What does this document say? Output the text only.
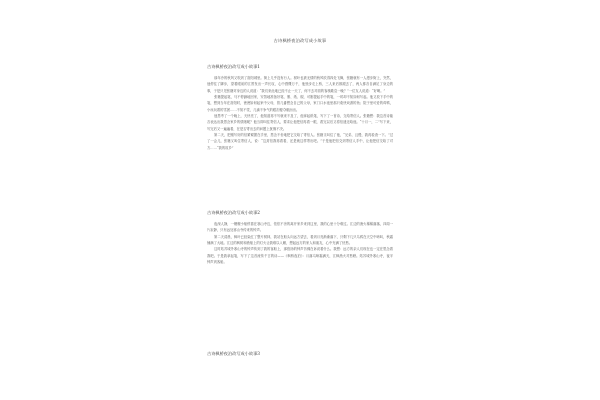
古诗枫桥夜泊改写成小故事
古诗枫桥夜泊改写成小故事1

那年冷的秋风又吹到了洛阳城里。街上几乎没有行人。树叶也被无情的秋风吹得四处飞舞，张籍就有一人漫步街上，突然，他停住了脚步，望着眼前的江景发出一声长叹，心中感慨万千，他独步走上桥，三人来后都跟去了，两人都各自满足了身边的事，于是只见张籍对身边的人说道：“我们来此地已经不止一天了，何不去对面的客栈歇息一晚？”一位友人说道：“好啊。”

张籍提起笔，马不停蹄地回家，安智地准备好笔、墨、纸、砚，可刚提起手中的笔，一时却不知如何写起。他又放下手中的笔，想到当年在洛阳时，爸爸如何起家中父母，曾几番想念自己的父母，家门口水池里那只欢快戏游的鱼；院子里可爱的鸡鸭，小孩玩着的雪团……不知不觉，几滴不争气的眼泪便夺眶而出。

他思考了一个晚上，天快亮了，他知道再不写就来不及了，他拿起纸笔，写下了一首诗，交给寄信人。张籍想：我这首诗能否表达出我思念家乡的情绪呢？他当即叫住寄信人，要求让他把信再看一眼，看完以后又将信递还给他。“十月一，二”写下来，写完后又一遍遍看，在是否寄出去的问题上犹豫不决。

第二天，把刚写好的信紧紧握在手里，思念不舍地把它交给了寄信人。张籍又叫住了他，“兄弟，且慢，我再检查一下。”过了一会儿，张籍又叫住寄信人，说：“这封信我再看看，还是就这样寄出吧。”于是他把信交到寄信人手中，让他把信交给了对方……“我的故乡”

古诗枫桥夜泊改写成小故事2

夜深人静，一艘艘小船停靠在寒山寺边，依依不舍的离开家乡来到这里，我的心里十分难过。江边的渔火稀稀落落，四周一片寂静，只有远处寒山寺传来的钟声。

第二天清晨，枫叶已经染红了整片树林，我站在船头向远方望去，看到月亮渐渐落下，只剩下几只乌鸦在天空中啼叫，秋霜铺满了大地。江边的枫树和渔船上的灯火让我难以入睡，想起远方的家人和朋友，心中充满了忧愁。

这时姑苏城外寒山寺的钟声传到了我的客船上，那悠扬的钟声仿佛在诉说着什么。我想：远方的亲人们现在也一定在思念着我吧。于是我拿起笔，写下了这首流传千古的诗——《枫桥夜泊》：月落乌啼霜满天，江枫渔火对愁眠。姑苏城外寒山寺，夜半钟声到客船。

古诗枫桥夜泊改写成小故事3
